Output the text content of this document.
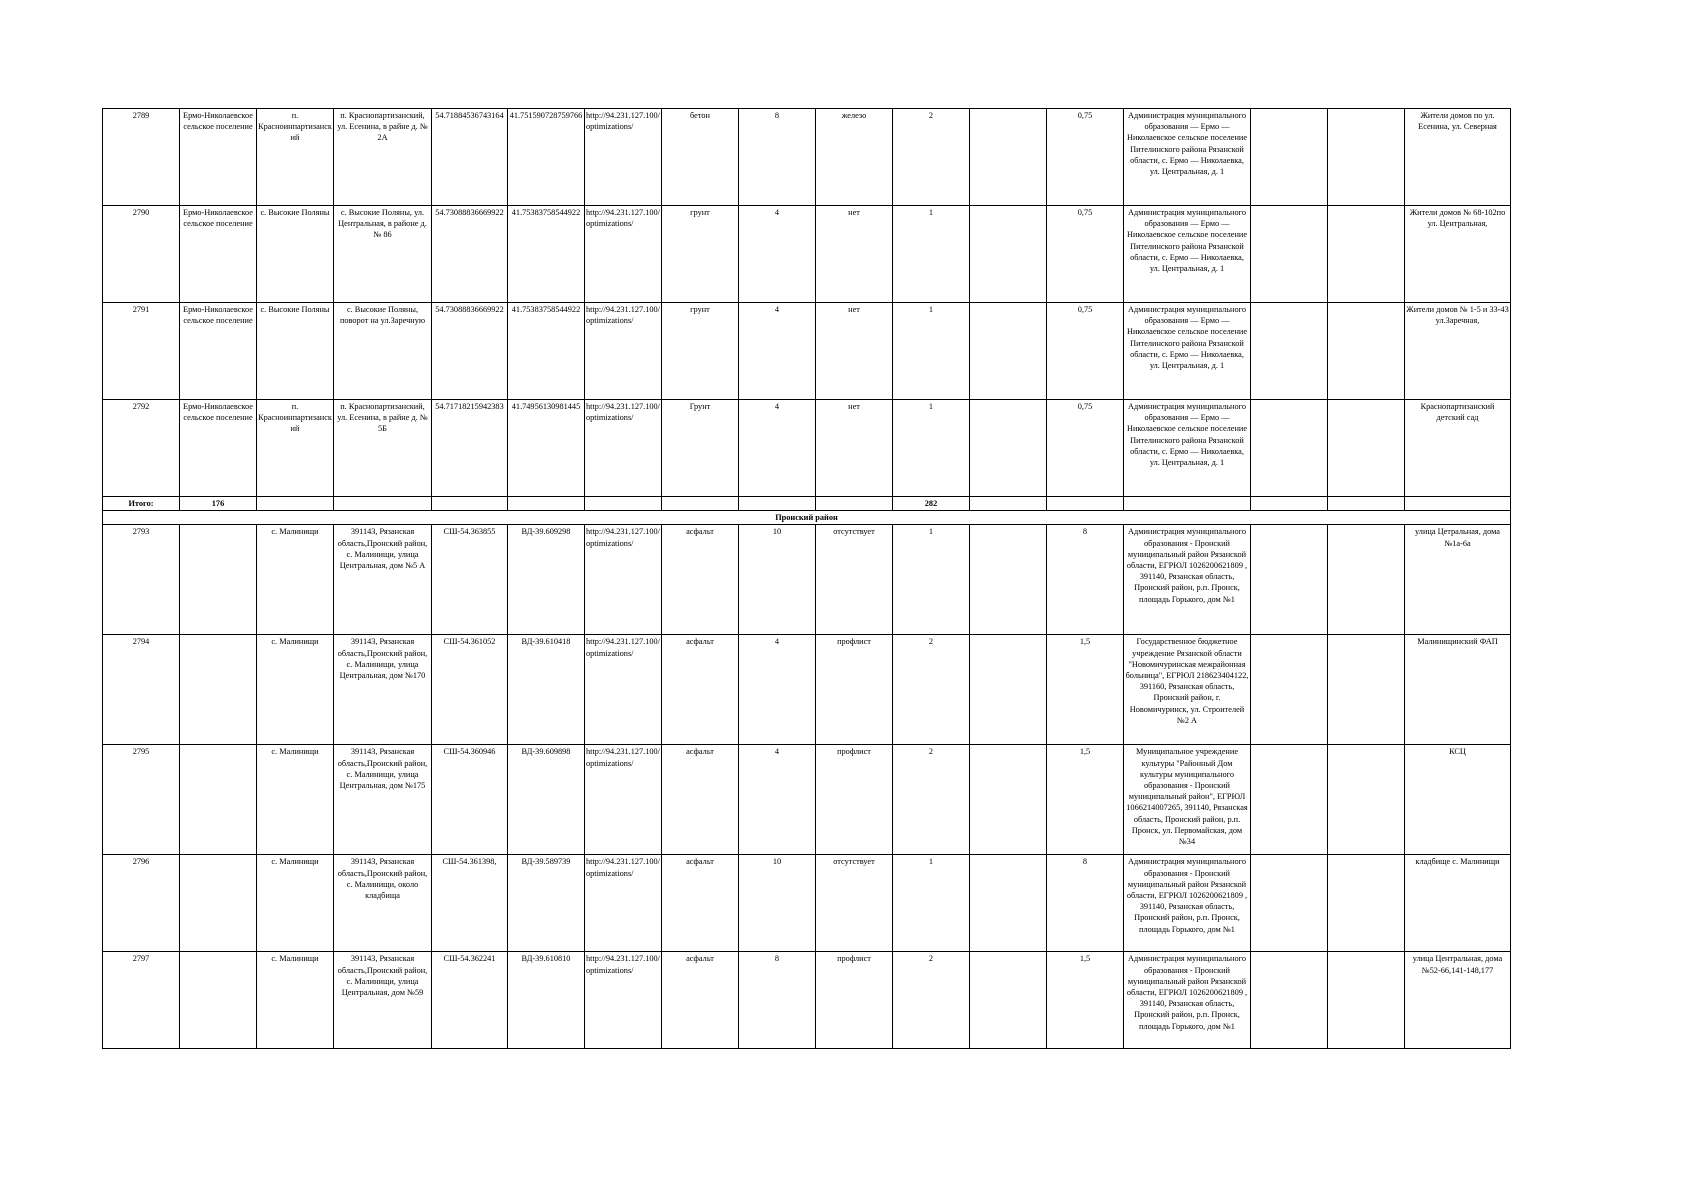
2789	Ермо-Николаевское сельское поселение	п. Красноинпартизанский	п. Краснопартизанский, ул. Есенина, в райне д. № 2А	54.71884536743164	41.751590728759766	http://94.231.127.100/optimizations/	бетон	8	железо	2		0,75	Администрация муниципального образования — Ермо — Николаевское сельское поселение Пителинского района Рязанской области, с. Ермо — Николаевка, ул. Центральная, д. 1			Жители домов по ул. Есенина, ул. Северная
2790	Ермо-Николаевское сельское поселение	с. Высокие Поляны	с. Высокие Поляны, ул. Центральная, в районе д.№ 86	54.73088836669922	41.75383758544922	http://94.231.127.100/optimizations/	грунт	4	нет	1		0,75	Администрация муниципального образования — Ермо — Николаевское сельское поселение Пителинского района Рязанской области, с. Ермо — Николаевка, ул. Центральная, д. 1			Жители домов № 68-102по ул. Центральная,
2791	Ермо-Николаевское сельское поселение	с. Высокие Поляны	с. Высокие Поляны, поворот на ул.Заречную	54.73088836669922	41.75383758544922	http://94.231.127.100/optimizations/	грунт	4	нет	1		0,75	Администрация муниципального образования — Ермо — Николаевское сельское поселение Пителинского района Рязанской области, с. Ермо — Николаевка, ул. Центральная, д. 1			Жители домов № 1-5 и 33-43 ул.Заречная,
2792	Ермо-Николаевское сельское поселение	п. Красноинпартизанский	п. Краснопартизанский, ул. Есенина, в райне д. № 5Б	54.71718215942383	41.74956130981445	http://94.231.127.100/optimizations/	Грунт	4	нет	1		0,75	Администрация муниципального образования — Ермо — Николаевское сельское поселение Пителинского района Рязанской области, с. Ермо — Николаевка, ул. Центральная, д. 1			Краснопартизанский детский сад
Итого:	176									282						
Пронский район																
2793		с. Малинищи	391143, Рязанская область,Пронский район, с. Малинищи, улица Центральная, дом №5 А	СШ-54.363855	ВД-39.609298	http://94.231.127.100/optimizations/	асфальт	10	отсутствует	1		8	Администрация муниципального образования - Пронский муниципальный район Рязанской области, ЕГРЮЛ 1026200621809 , 391140, Рязанская область, Пронский район, р.п. Пронск, площадь Горького, дом №1			улица Цетральная, дома №1а-6а
2794		с. Малинищи	391143, Рязанская область,Пронский район, с. Малинищи, улица Центральная, дом №170	СШ-54.361052	ВД-39.610418	http://94.231.127.100/optimizations/	асфальт	4	профлист	2		1,5	Государственное бюджетное учреждение Рязанской области "Новомичуринская межрайонная больница", ЕГРЮЛ 218623404122, 391160, Рязанская область, Пронский район, г. Новомичуринск, ул. Строителей №2 А			Малинищинский ФАП
2795		с. Малинищи	391143, Рязанская область,Пронский район, с. Малинищи, улица Центральная, дом №175	СШ-54.360946	ВД-39.609898	http://94.231.127.100/optimizations/	асфальт	4	профлист	2		1,5	Муниципальное учреждение культуры "Районный Дом культуры муниципального образования - Пронский муниципальный район", ЕГРЮЛ 1066214007265, 391140, Рязанская область, Пронский район, р.п. Пронск, ул. Первомайская, дом №34			КСЦ
2796		с. Малинищи	391143, Рязанская область,Пронский район, с. Малинищи, около кладбища	СШ-54.361398,	ВД-39.589739	http://94.231.127.100/optimizations/	асфальт	10	отсутствует	1		8	Администрация муниципального образования - Пронский муниципальный район Рязанской области, ЕГРЮЛ 1026200621809 , 391140, Рязанская область, Пронский район, р.п. Пронск, площадь Горького, дом №1			кладбище с. Малинищи
2797		с. Малинищи	391143, Рязанская область,Пронский район, с. Малинищи, улица Центральная, дом №59	СШ-54.362241	ВД-39.610810	http://94.231.127.100/optimizations/	асфальт	8	профлист	2		1,5	Администрация муниципального образования - Пронский муниципальный район Рязанской области, ЕГРЮЛ 1026200621809 , 391140, Рязанская область, Пронский район, р.п. Пронск, площадь Горького, дом №1			улица Центральная, дома №52-66,141-148,177
